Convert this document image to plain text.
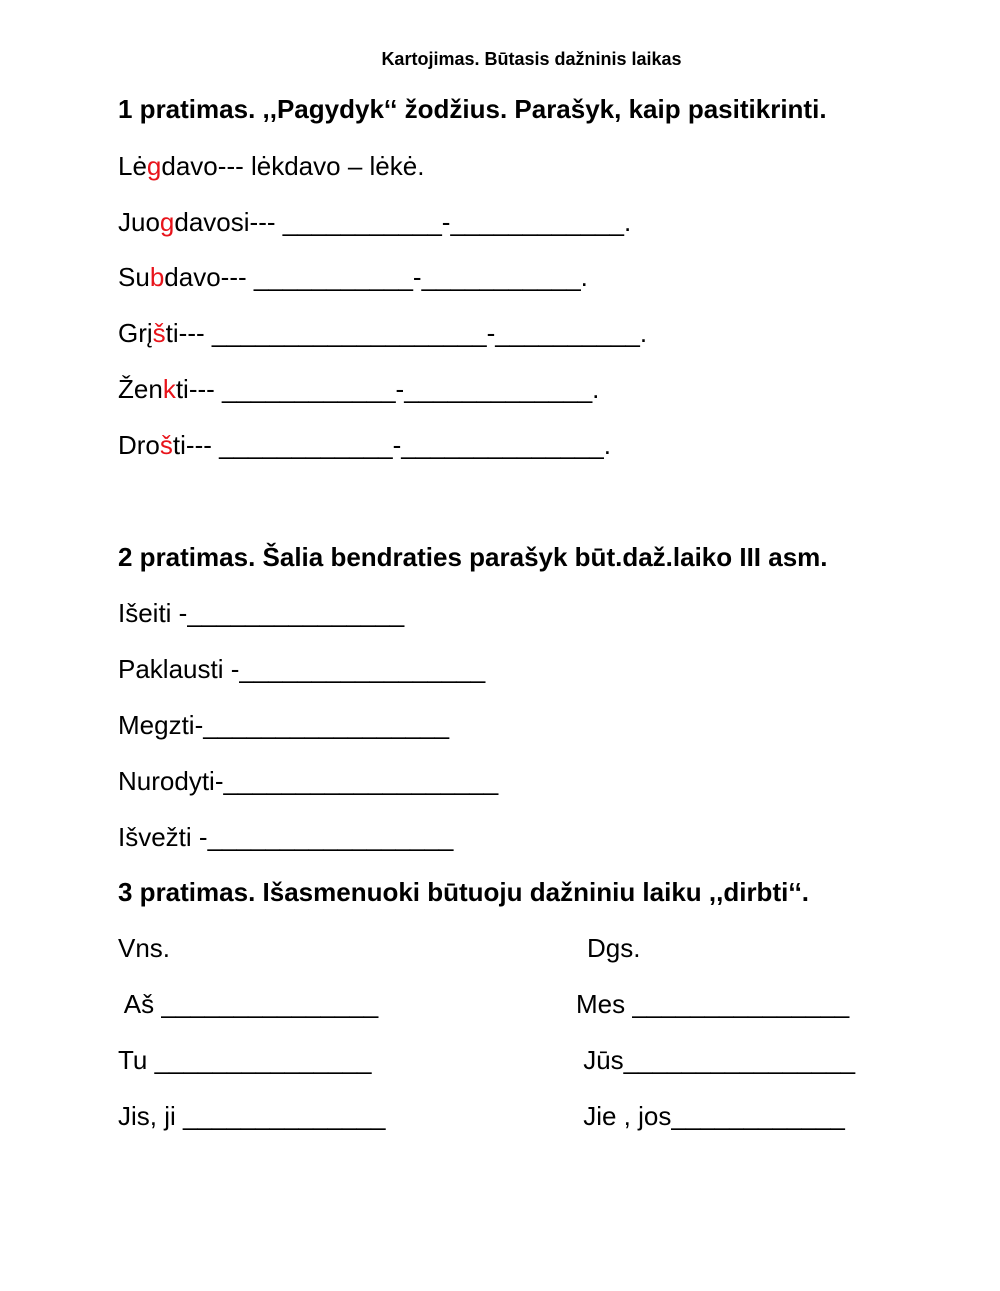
Kartojimas. Būtasis dažninis laikas
1 pratimas. ,,Pagydyk‘‘ žodžius. Parašyk, kaip pasitikrinti.
Lėgdavo--- lėkdavo – lėkė.
Juogdavosi--- ___________-____________.
Subdavo--- ___________-___________.
Grįšti--- ___________________-__________.
Ženkti--- ____________-_____________.
Drošti--- ____________-______________.
2 pratimas. Šalia bendraties parašyk būt.daž.laiko III asm.
Išeiti -_______________
Paklausti -_________________
Megzti-_________________
Nurodyti-___________________
Išvežti -_________________
3 pratimas. Išasmenuoki būtuoju dažniniu laiku ,,dirbti‘‘.
Vns.	Dgs.
Aš _______________
Tu _______________
Jis, ji ______________
Mes _______________
Jūs________________
Jie , jos____________
